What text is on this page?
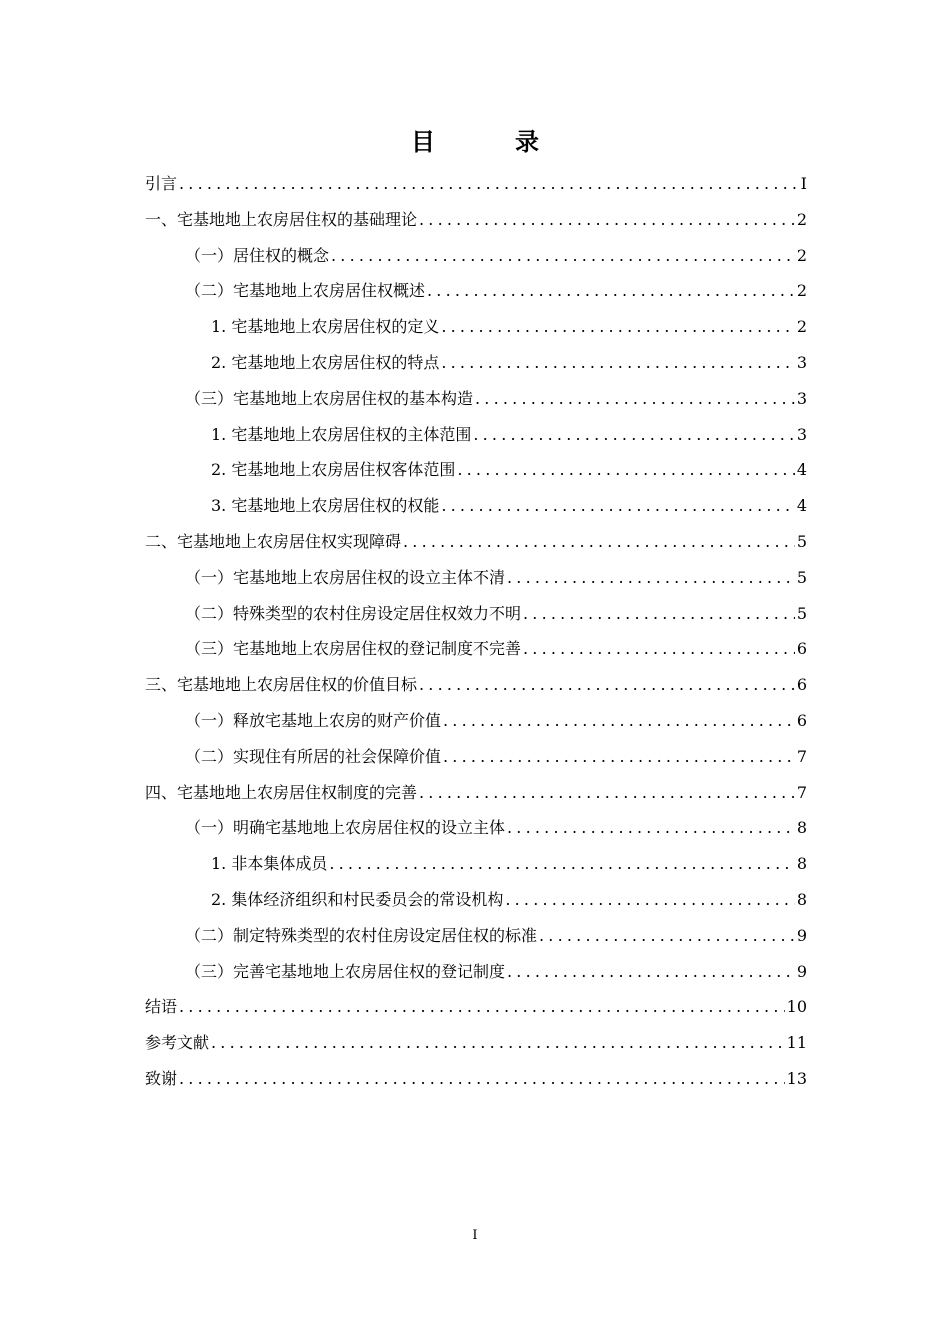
目　录
引言 .....	I
一、宅基地地上农房居住权的基础理论 .....	2
（一）居住权的概念 .....	2
（二）宅基地地上农房居住权概述 .....	2
1. 宅基地地上农房居住权的定义 .....	2
2. 宅基地地上农房居住权的特点 .....	3
（三）宅基地地上农房居住权的基本构造 .....	3
1. 宅基地地上农房居住权的主体范围 .....	3
2. 宅基地地上农房居住权客体范围 .....	4
3. 宅基地地上农房居住权的权能 .....	4
二、宅基地地上农房居住权实现障碍 .....	5
（一）宅基地地上农房居住权的设立主体不清 .....	5
（二）特殊类型的农村住房设定居住权效力不明 .....	5
（三）宅基地地上农房居住权的登记制度不完善 .....	6
三、宅基地地上农房居住权的价值目标 .....	6
（一）释放宅基地上农房的财产价值 .....	6
（二）实现住有所居的社会保障价值 .....	7
四、宅基地地上农房居住权制度的完善 .....	7
（一）明确宅基地地上农房居住权的设立主体 .....	8
1. 非本集体成员 .....	8
2. 集体经济组织和村民委员会的常设机构 .....	8
（二）制定特殊类型的农村住房设定居住权的标准 .....	9
（三）完善宅基地地上农房居住权的登记制度 .....	9
结语 .....	10
参考文献 .....	11
致谢 .....	13
I
